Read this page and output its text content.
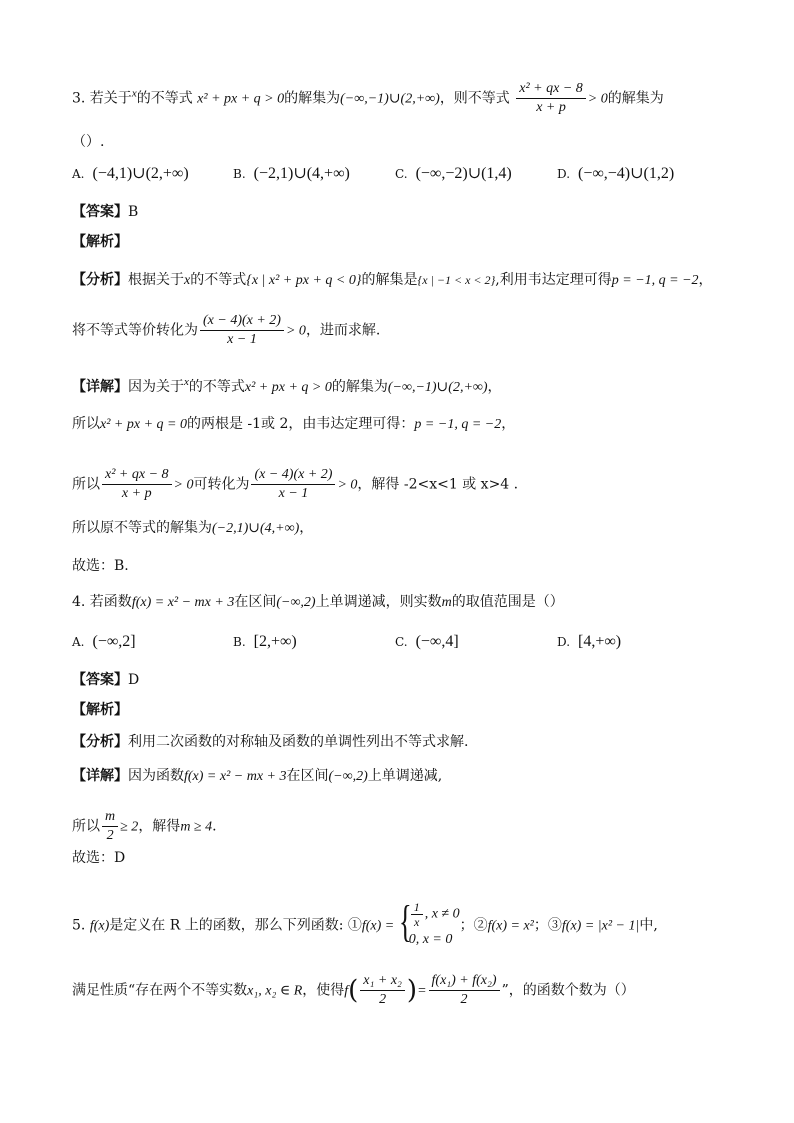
3. 若关于$^x$的不等式 x² + px + q > 0的解集为(−∞,−1)∪(2,+∞)，则不等式 $\frac{\text{x² + qx − 8}}{x + p} > 0$的解集为
（）.
A. (−4,1)∪(2,+∞)	B. (−2,1)∪(4,+∞)	C. (−∞,−2)∪(1,4)	D. (−∞,−4)∪(1,2)
【答案】B
【解析】
【分析】根据关于x的不等式{x | x² + px + q < 0}的解集是{x | −1 < x < 2},利用韦达定理可得p = −1, q = −2，
将不等式等价转化为 $\frac{(x - 4)(x + 2)}{x - 1} > 0$，进而求解.
【详解】因为关于$^x$的不等式x² + px + q > 0的解集为(−∞,−1)∪(2,+∞)，
所以x² + px + q = 0的两根是 -1或 2，由韦达定理可得：p = −1, q = −2，
所以 $\frac{\text{x² + qx − 8}}{x + p} > 0$可转化为 $\frac{(x - 4)(x + 2)}{x - 1} > 0$，解得 -2<x<1 或 x>4 .
所以原不等式的解集为(−2,1)∪(4,+∞)，
故选：B.
4. 若函数f(x) = x² − mx + 3在区间(−∞,2)上单调递减，则实数m的取值范围是（）
A. (−∞,2]	B. [2,+∞)	C. (−∞,4]	D. [4,+∞)
【答案】D
【解析】
【分析】利用二次函数的对称轴及函数的单调性列出不等式求解.
【详解】因为函数f(x) = x² − mx + 3在区间(−∞,2)上单调递减,
所以 $\frac{m}{2} \ge 2$，解得m ≥ 4.
故选：D
5. f(x)是定义在 R 上的函数，那么下列函数: ①f(x) = { $\frac{1}{x}$ , x ≠ 0
0, x = 0
；②f(x) = x²；③f(x) = |x² − 1|中,
满足性质“存在两个不等实数x₁, x₂ ∈ R，使得$f( \frac{\text{x₁ + x₂}}{2}$ )= $\frac{\text{f(x₁) + f(x₂)}}{2}$ ”，的函数个数为（）
